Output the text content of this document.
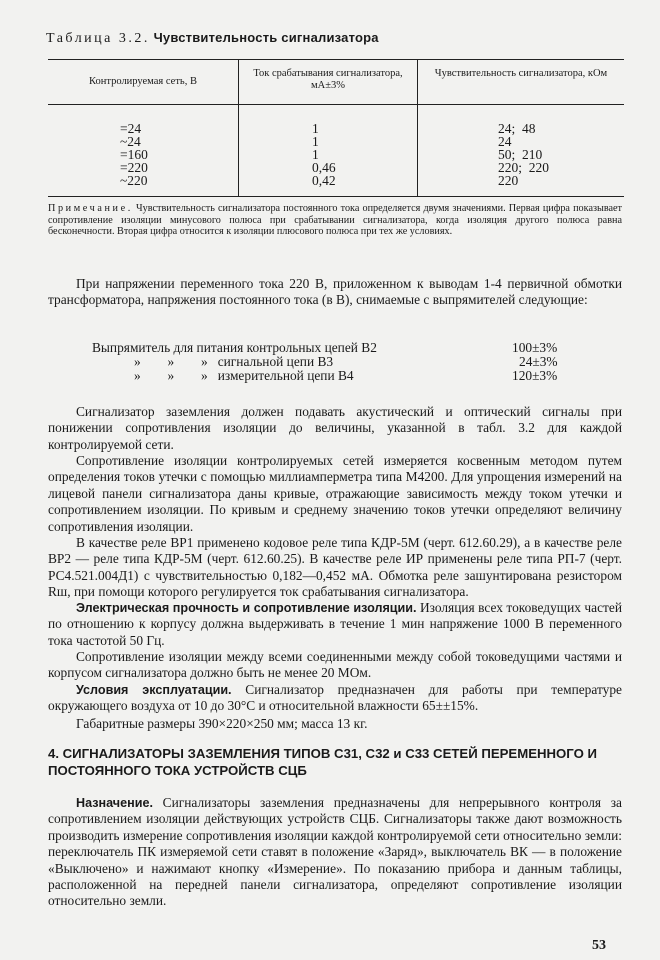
Таблица 3.2. Чувствительность сигнализатора
Контролируемая сеть, В
Ток срабатывания сигнализатора, мА±3%
Чувствительность сигнализатора, кОм
=24	1	24;  48
~24	1	24
=160	1	50;  210
=220	0,46	220;  220
~220	0,42	220
Примечание. Чувствительность сигнализатора постоянного тока определяется двумя значениями. Первая цифра показывает сопротивление изоляции минусового полюса при срабатывании сигнализатора, когда изоляция другого полюса равна бесконечности. Вторая цифра относится к изоляции плюсового полюса при тех же условиях.
При напряжении переменного тока 220 В, приложенном к выводам 1-4 первичной обмотки трансформатора, напряжения постоянного тока (в В), снимаемые с выпрямителей следующие:
Выпрямитель для питания контрольных цепей В2	100±3%
»        »        »   сигнальной цепи В3	24±3%
»        »        »   измерительной цепи В4	120±3%
Сигнализатор заземления должен подавать акустический и оптический сигналы при понижении сопротивления изоляции до величины, указанной в табл. 3.2 для каждой контролируемой сети.
Сопротивление изоляции контролируемых сетей измеряется косвенным методом путем определения токов утечки с помощью миллиамперметра типа М4200. Для упрощения измерений на лицевой панели сигнализатора даны кривые, отражающие зависимость между током утечки и сопротивлением изоляции. По кривым и среднему значению токов утечки определяют величину сопротивления изоляции.
В качестве реле ВР1 применено кодовое реле типа КДР-5М (черт. 612.60.29), а в качестве реле ВР2 — реле типа КДР-5М (черт. 612.60.25). В качестве реле ИР применены реле типа РП-7 (черт. РС4.521.004Д1) с чувствительностью 0,182—0,452 мА. Обмотка реле зашунтирована резистором Rш, при помощи которого регулируется ток срабатывания сигнализатора.
Электрическая прочность и сопротивление изоляции. Изоляция всех токоведущих частей по отношению к корпусу должна выдерживать в течение 1 мин напряжение 1000 В переменного тока частотой 50 Гц.
Сопротивление изоляции между всеми соединенными между собой токоведущими частями и корпусом сигнализатора должно быть не менее 20 МОм.
Условия эксплуатации. Сигнализатор предназначен для работы при температуре окружающего воздуха от 10 до 30°С и относительной влажности 65±±15%.
Габаритные размеры 390×220×250 мм; масса 13 кг.
4. СИГНАЛИЗАТОРЫ ЗАЗЕМЛЕНИЯ ТИПОВ С31, С32 и С33 СЕТЕЙ ПЕРЕМЕННОГО И ПОСТОЯННОГО ТОКА УСТРОЙСТВ СЦБ
Назначение. Сигнализаторы заземления предназначены для непрерывного контроля за сопротивлением изоляции действующих устройств СЦБ. Сигнализаторы также дают возможность производить измерение сопротивления изоляции каждой контролируемой сети относительно земли: переключатель ПК измеряемой сети ставят в положение «Заряд», выключатель ВК — в положение «Выключено» и нажимают кнопку «Измерение». По показанию прибора и данным таблицы, расположенной на передней панели сигнализатора, определяют сопротивление изоляции относительно земли.
53
